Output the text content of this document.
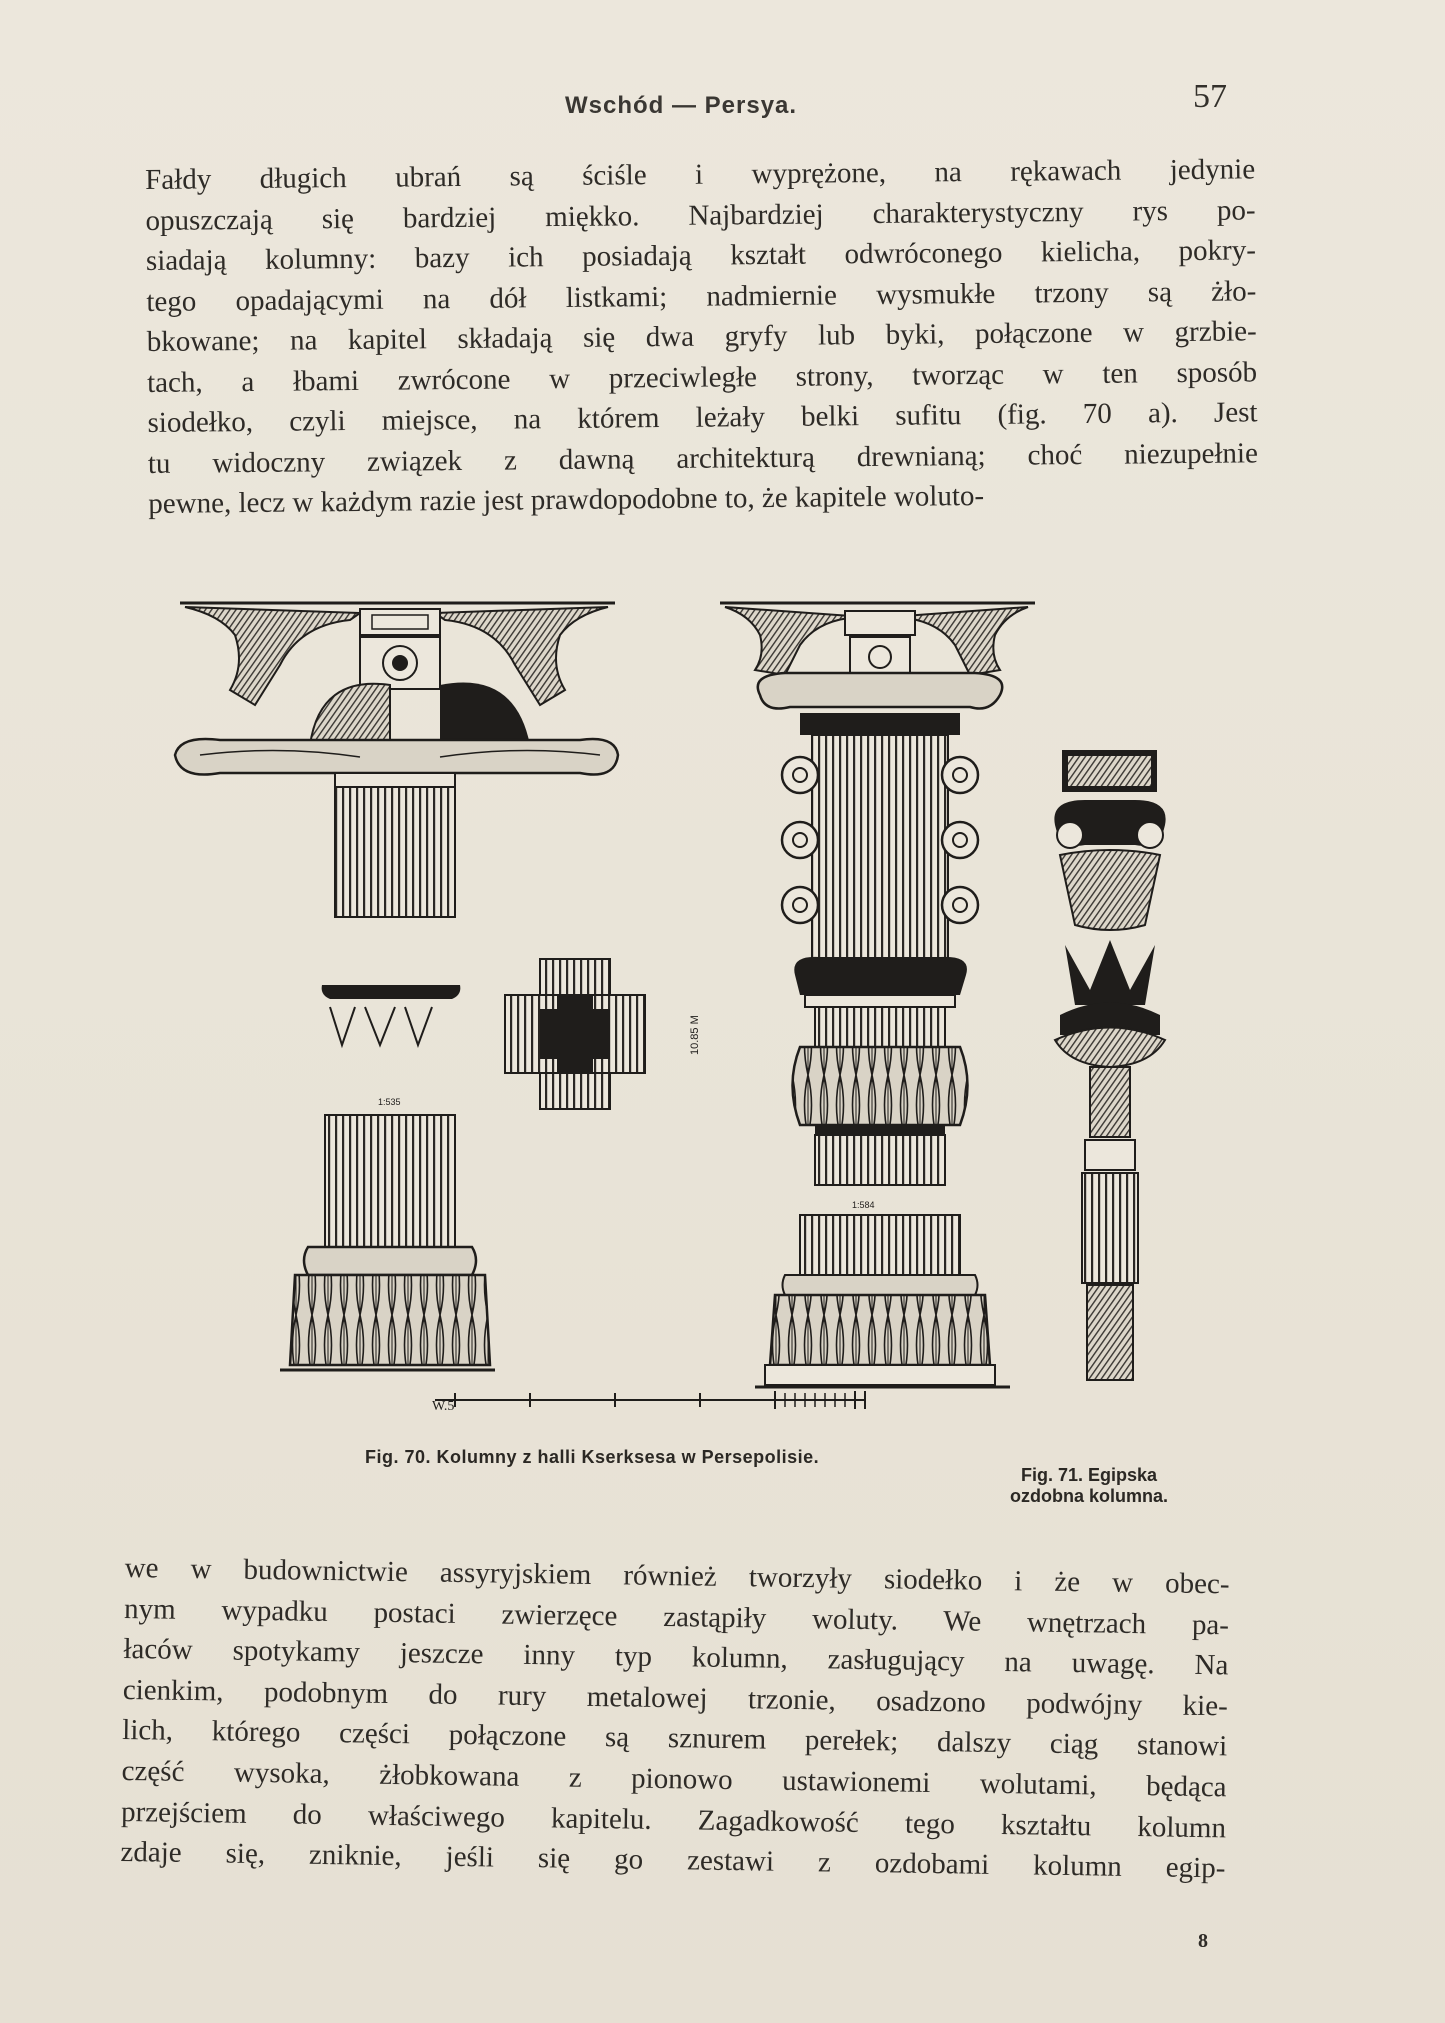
Wschód — Persya.	57
Fałdy długich ubrań są ściśle i wyprężone, na rękawach jedynie
opuszczają się bardziej miękko. Najbardziej charakterystyczny rys po-
siadają kolumny: bazy ich posiadają kształt odwróconego kielicha, pokry-
tego opadającymi na dół listkami; nadmiernie wysmukłe trzony są żło-
bkowane; na kapitel składają się dwa gryfy lub byki, połączone w grzbie-
tach, a łbami zwrócone w przeciwległe strony, tworząc w ten sposób
siodełko, czyli miejsce, na którem leżały belki sufitu (fig. 70 a). Jest
tu widoczny związek z dawną architekturą drewnianą; choć niezupełnie
pewne, lecz w każdym razie jest prawdopodobne to, że kapitele woluto-
W.5
1:535
1:584
10.85 M
Fig. 70. Kolumny z halli Kserksesa w Persepolisie.
Fig. 71. Egipska
ozdobna kolumna.
we w budownictwie assyryjskiem również tworzyły siodełko i że w obec-
nym wypadku postaci zwierzęce zastąpiły woluty. We wnętrzach pa-
łaców spotykamy jeszcze inny typ kolumn, zasługujący na uwagę. Na
cienkim, podobnym do rury metalowej trzonie, osadzono podwójny kie-
lich, którego części połączone są sznurem perełek; dalszy ciąg stanowi
część wysoka, żłobkowana z pionowo ustawionemi wolutami, będąca
przejściem do właściwego kapitelu. Zagadkowość tego kształtu kolumn
zdaje się, zniknie, jeśli się go zestawi z ozdobami kolumn egip-
8
